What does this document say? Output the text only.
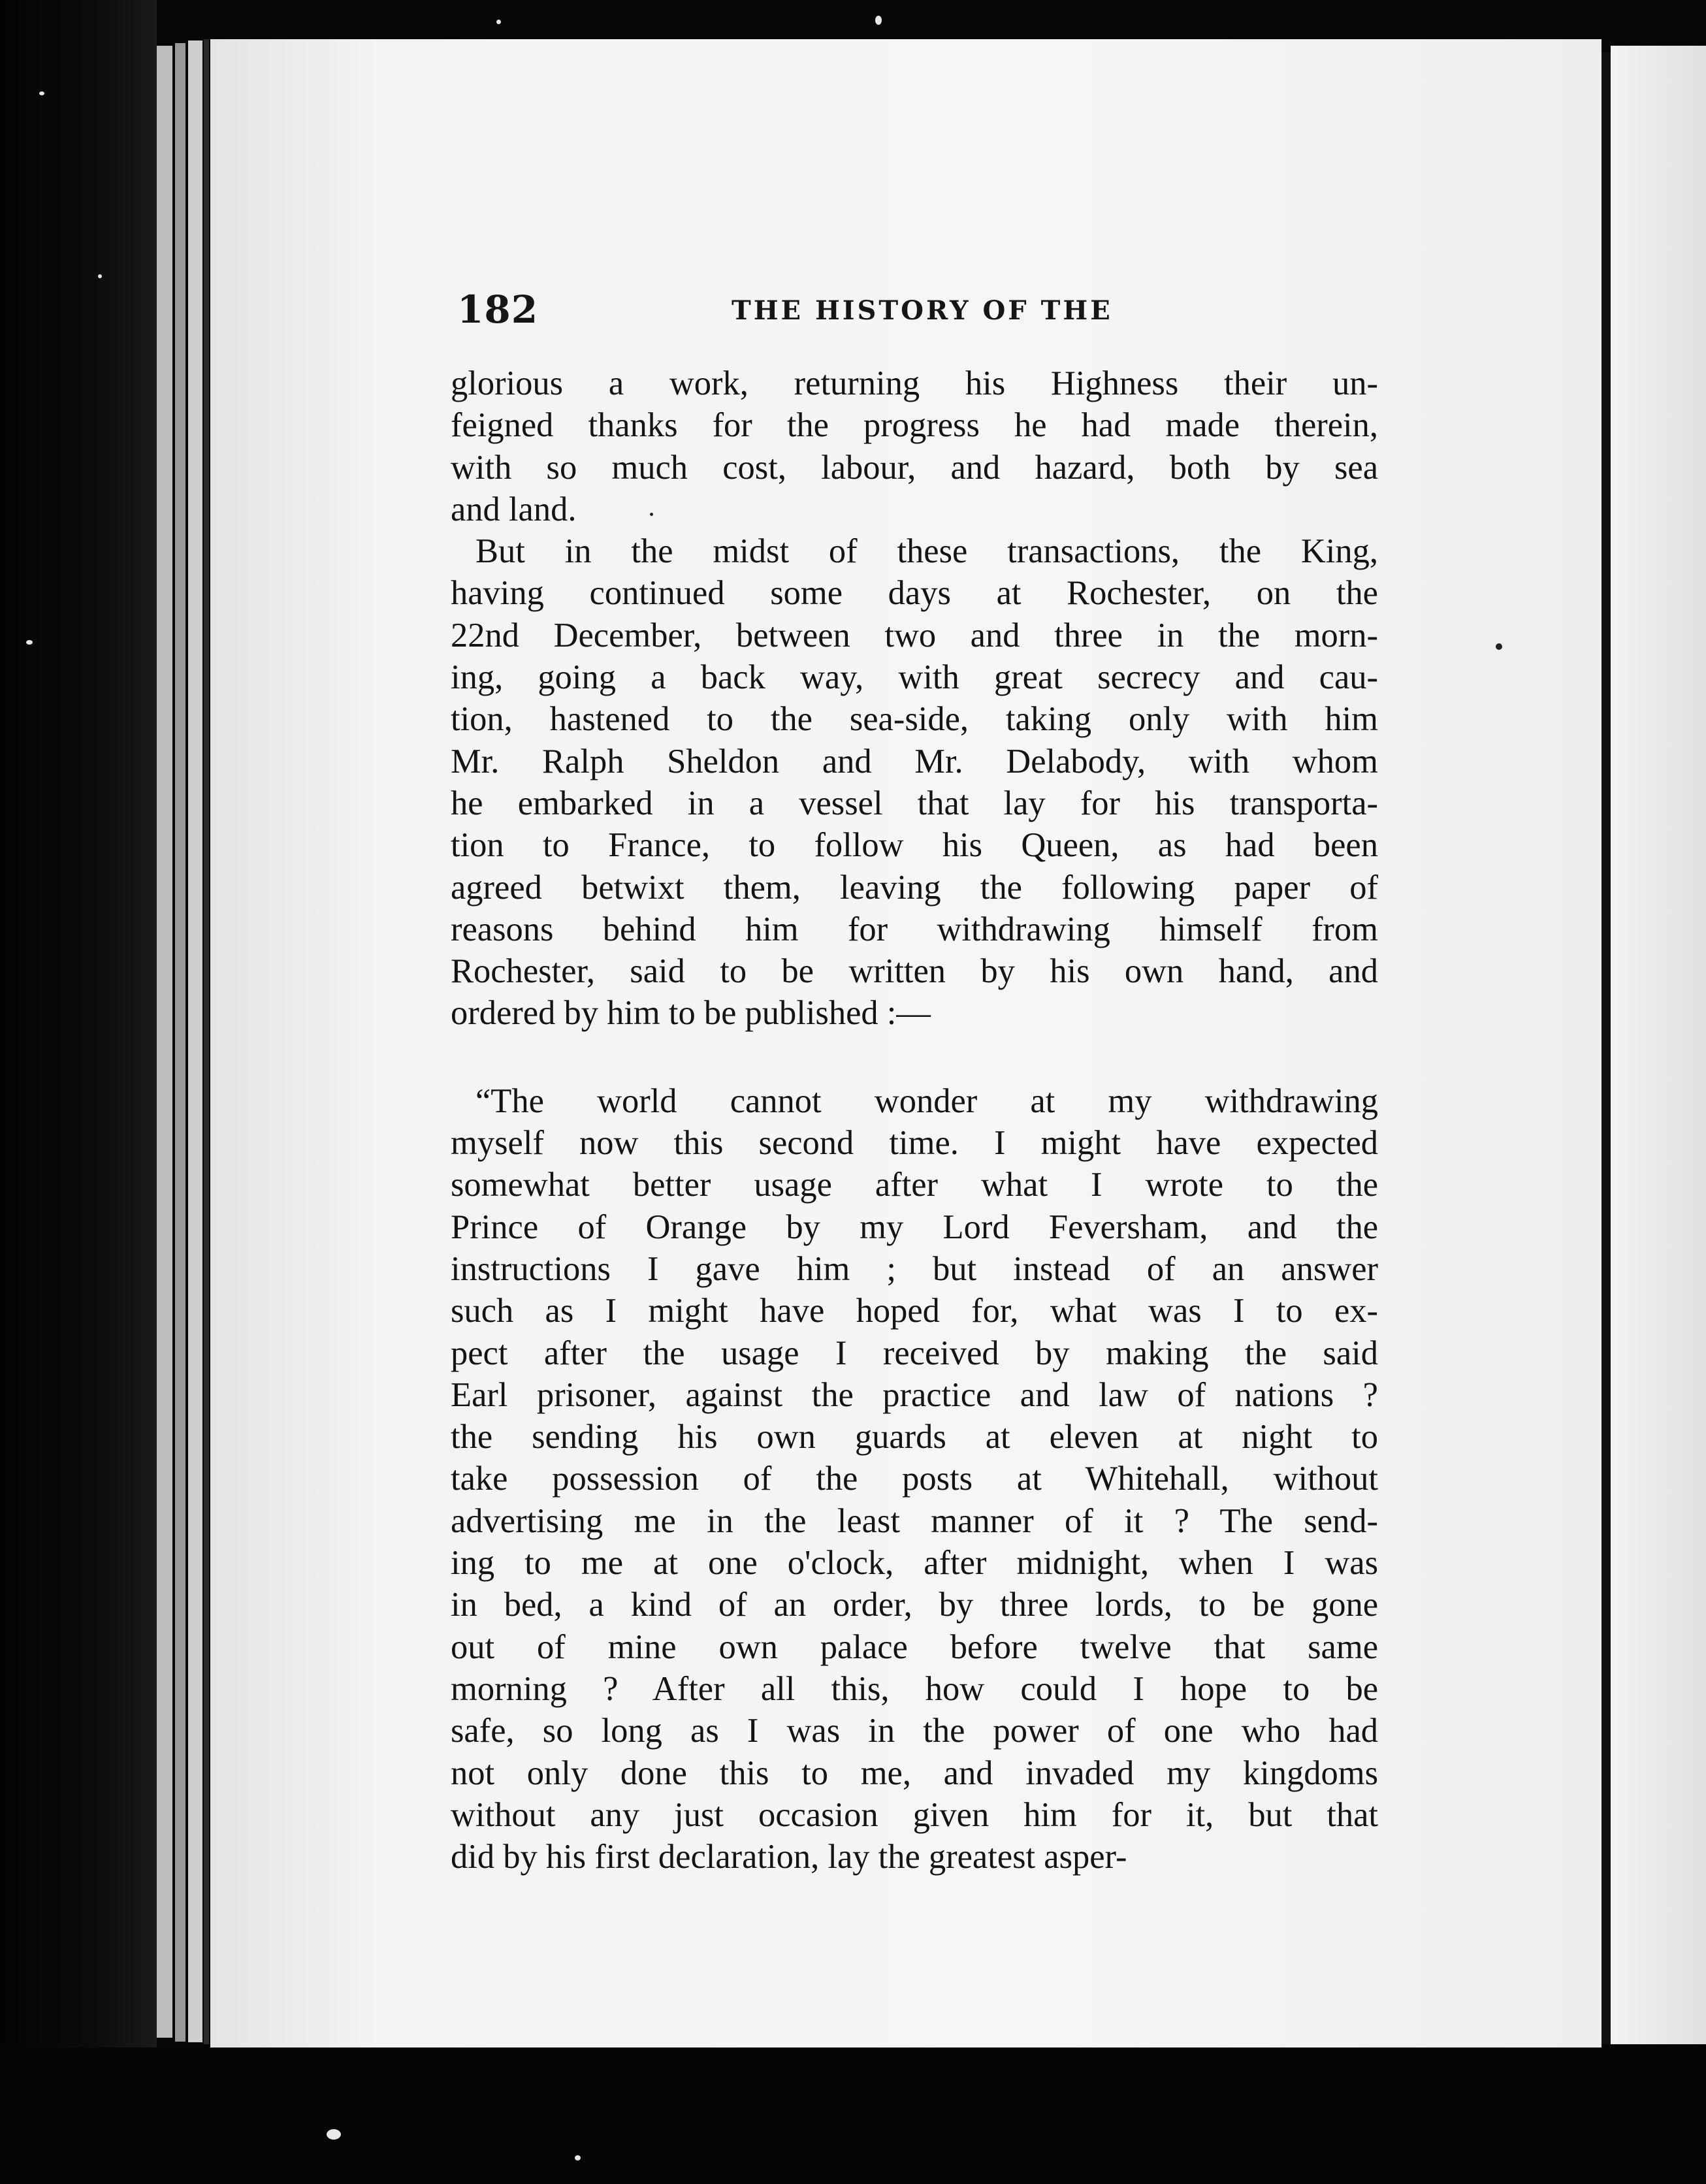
182	THE HISTORY OF THE
glorious a work, returning his Highness their un-
feigned thanks for the progress he had made therein,
with so much cost, labour, and hazard, both by sea
and land.
But in the midst of these transactions, the King,
having continued some days at Rochester, on the
22nd December, between two and three in the morn-
ing, going a back way, with great secrecy and cau-
tion, hastened to the sea-side, taking only with him
Mr. Ralph Sheldon and Mr. Delabody, with whom
he embarked in a vessel that lay for his transporta-
tion to France, to follow his Queen, as had been
agreed betwixt them, leaving the following paper of
reasons behind him for withdrawing himself from
Rochester, said to be written by his own hand, and
ordered by him to be published :—
“The world cannot wonder at my withdrawing
myself now this second time. I might have expected
somewhat better usage after what I wrote to the
Prince of Orange by my Lord Feversham, and the
instructions I gave him ; but instead of an answer
such as I might have hoped for, what was I to ex-
pect after the usage I received by making the said
Earl prisoner, against the practice and law of nations ?
the sending his own guards at eleven at night to
take possession of the posts at Whitehall, without
advertising me in the least manner of it ? The send-
ing to me at one o'clock, after midnight, when I was
in bed, a kind of an order, by three lords, to be gone
out of mine own palace before twelve that same
morning ? After all this, how could I hope to be
safe, so long as I was in the power of one who had
not only done this to me, and invaded my kingdoms
without any just occasion given him for it, but that
did by his first declaration, lay the greatest asper-
